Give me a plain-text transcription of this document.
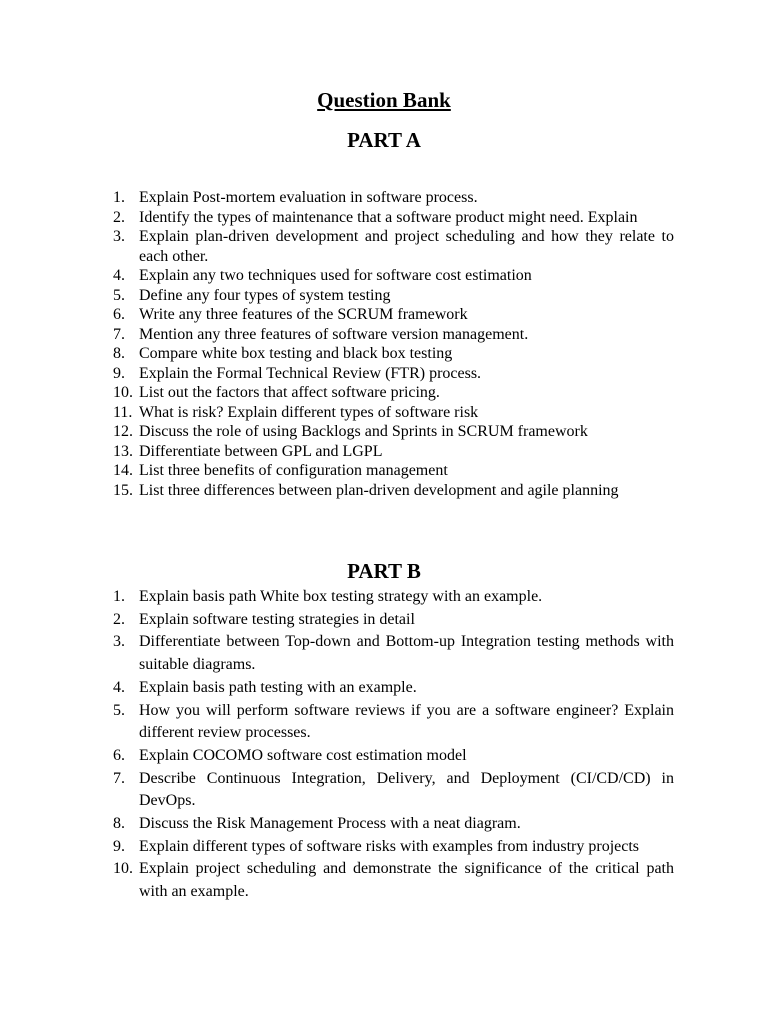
Question Bank
PART A
1. Explain Post-mortem evaluation in software process.
2. Identify the types of maintenance that a software product might need. Explain
3. Explain plan-driven development and project scheduling and how they relate to each other.
4. Explain any two techniques used for software cost estimation
5. Define any four types of system testing
6. Write any three features of the SCRUM framework
7. Mention any three features of software version management.
8. Compare white box testing and black box testing
9. Explain the Formal Technical Review (FTR) process.
10. List out the factors that affect software pricing.
11. What is risk? Explain different types of software risk
12. Discuss the role of using Backlogs and Sprints in SCRUM framework
13. Differentiate between GPL and LGPL
14. List three benefits of configuration management
15. List three differences between plan-driven development and agile planning
PART B
1. Explain basis path White box testing strategy with an example.
2. Explain software testing strategies in detail
3. Differentiate between Top-down and Bottom-up Integration testing methods with suitable diagrams.
4. Explain basis path testing with an example.
5. How you will perform software reviews if you are a software engineer? Explain different review processes.
6. Explain COCOMO software cost estimation model
7. Describe Continuous Integration, Delivery, and Deployment (CI/CD/CD) in DevOps.
8. Discuss the Risk Management Process with a neat diagram.
9. Explain different types of software risks with examples from industry projects
10. Explain project scheduling and demonstrate the significance of the critical path with an example.
